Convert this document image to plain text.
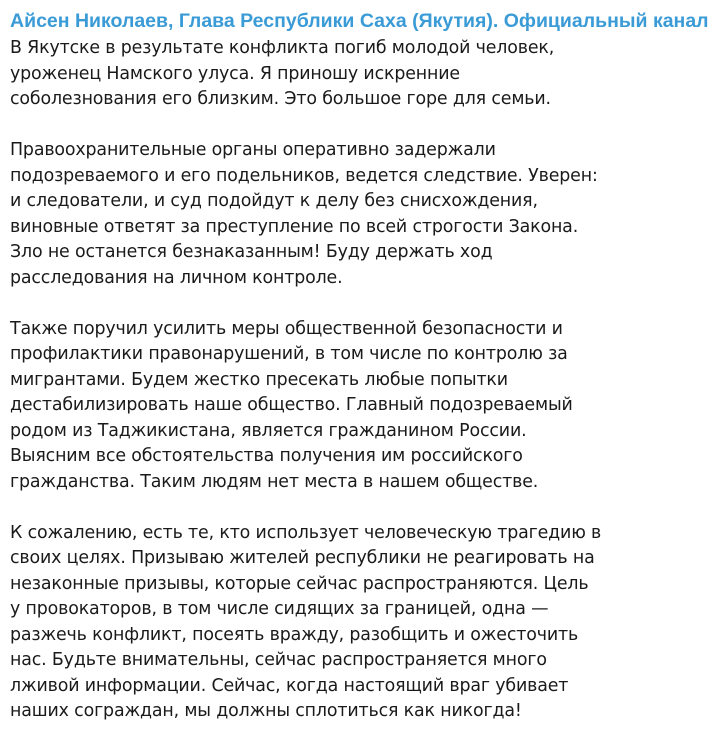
Айсен Николаев, Глава Республики Саха (Якутия). Официальный канал
В Якутске в результате конфликта погиб молодой человек,
уроженец Намского улуса. Я приношу искренние
соболезнования его близким. Это большое горе для семьи.
Правоохранительные органы оперативно задержали
подозреваемого и его подельников, ведется следствие. Уверен:
и следователи, и суд подойдут к делу без снисхождения,
виновные ответят за преступление по всей строгости Закона.
Зло не останется безнаказанным! Буду держать ход
расследования на личном контроле.
Также поручил усилить меры общественной безопасности и
профилактики правонарушений, в том числе по контролю за
мигрантами. Будем жестко пресекать любые попытки
дестабилизировать наше общество. Главный подозреваемый
родом из Таджикистана, является гражданином России.
Выясним все обстоятельства получения им российского
гражданства. Таким людям нет места в нашем обществе.
К сожалению, есть те, кто использует человеческую трагедию в
своих целях. Призываю жителей республики не реагировать на
незаконные призывы, которые сейчас распространяются. Цель
у провокаторов, в том числе сидящих за границей, одна —
разжечь конфликт, посеять вражду, разобщить и ожесточить
нас. Будьте внимательны, сейчас распространяется много
лживой информации. Сейчас, когда настоящий враг убивает
наших сограждан, мы должны сплотиться как никогда!
